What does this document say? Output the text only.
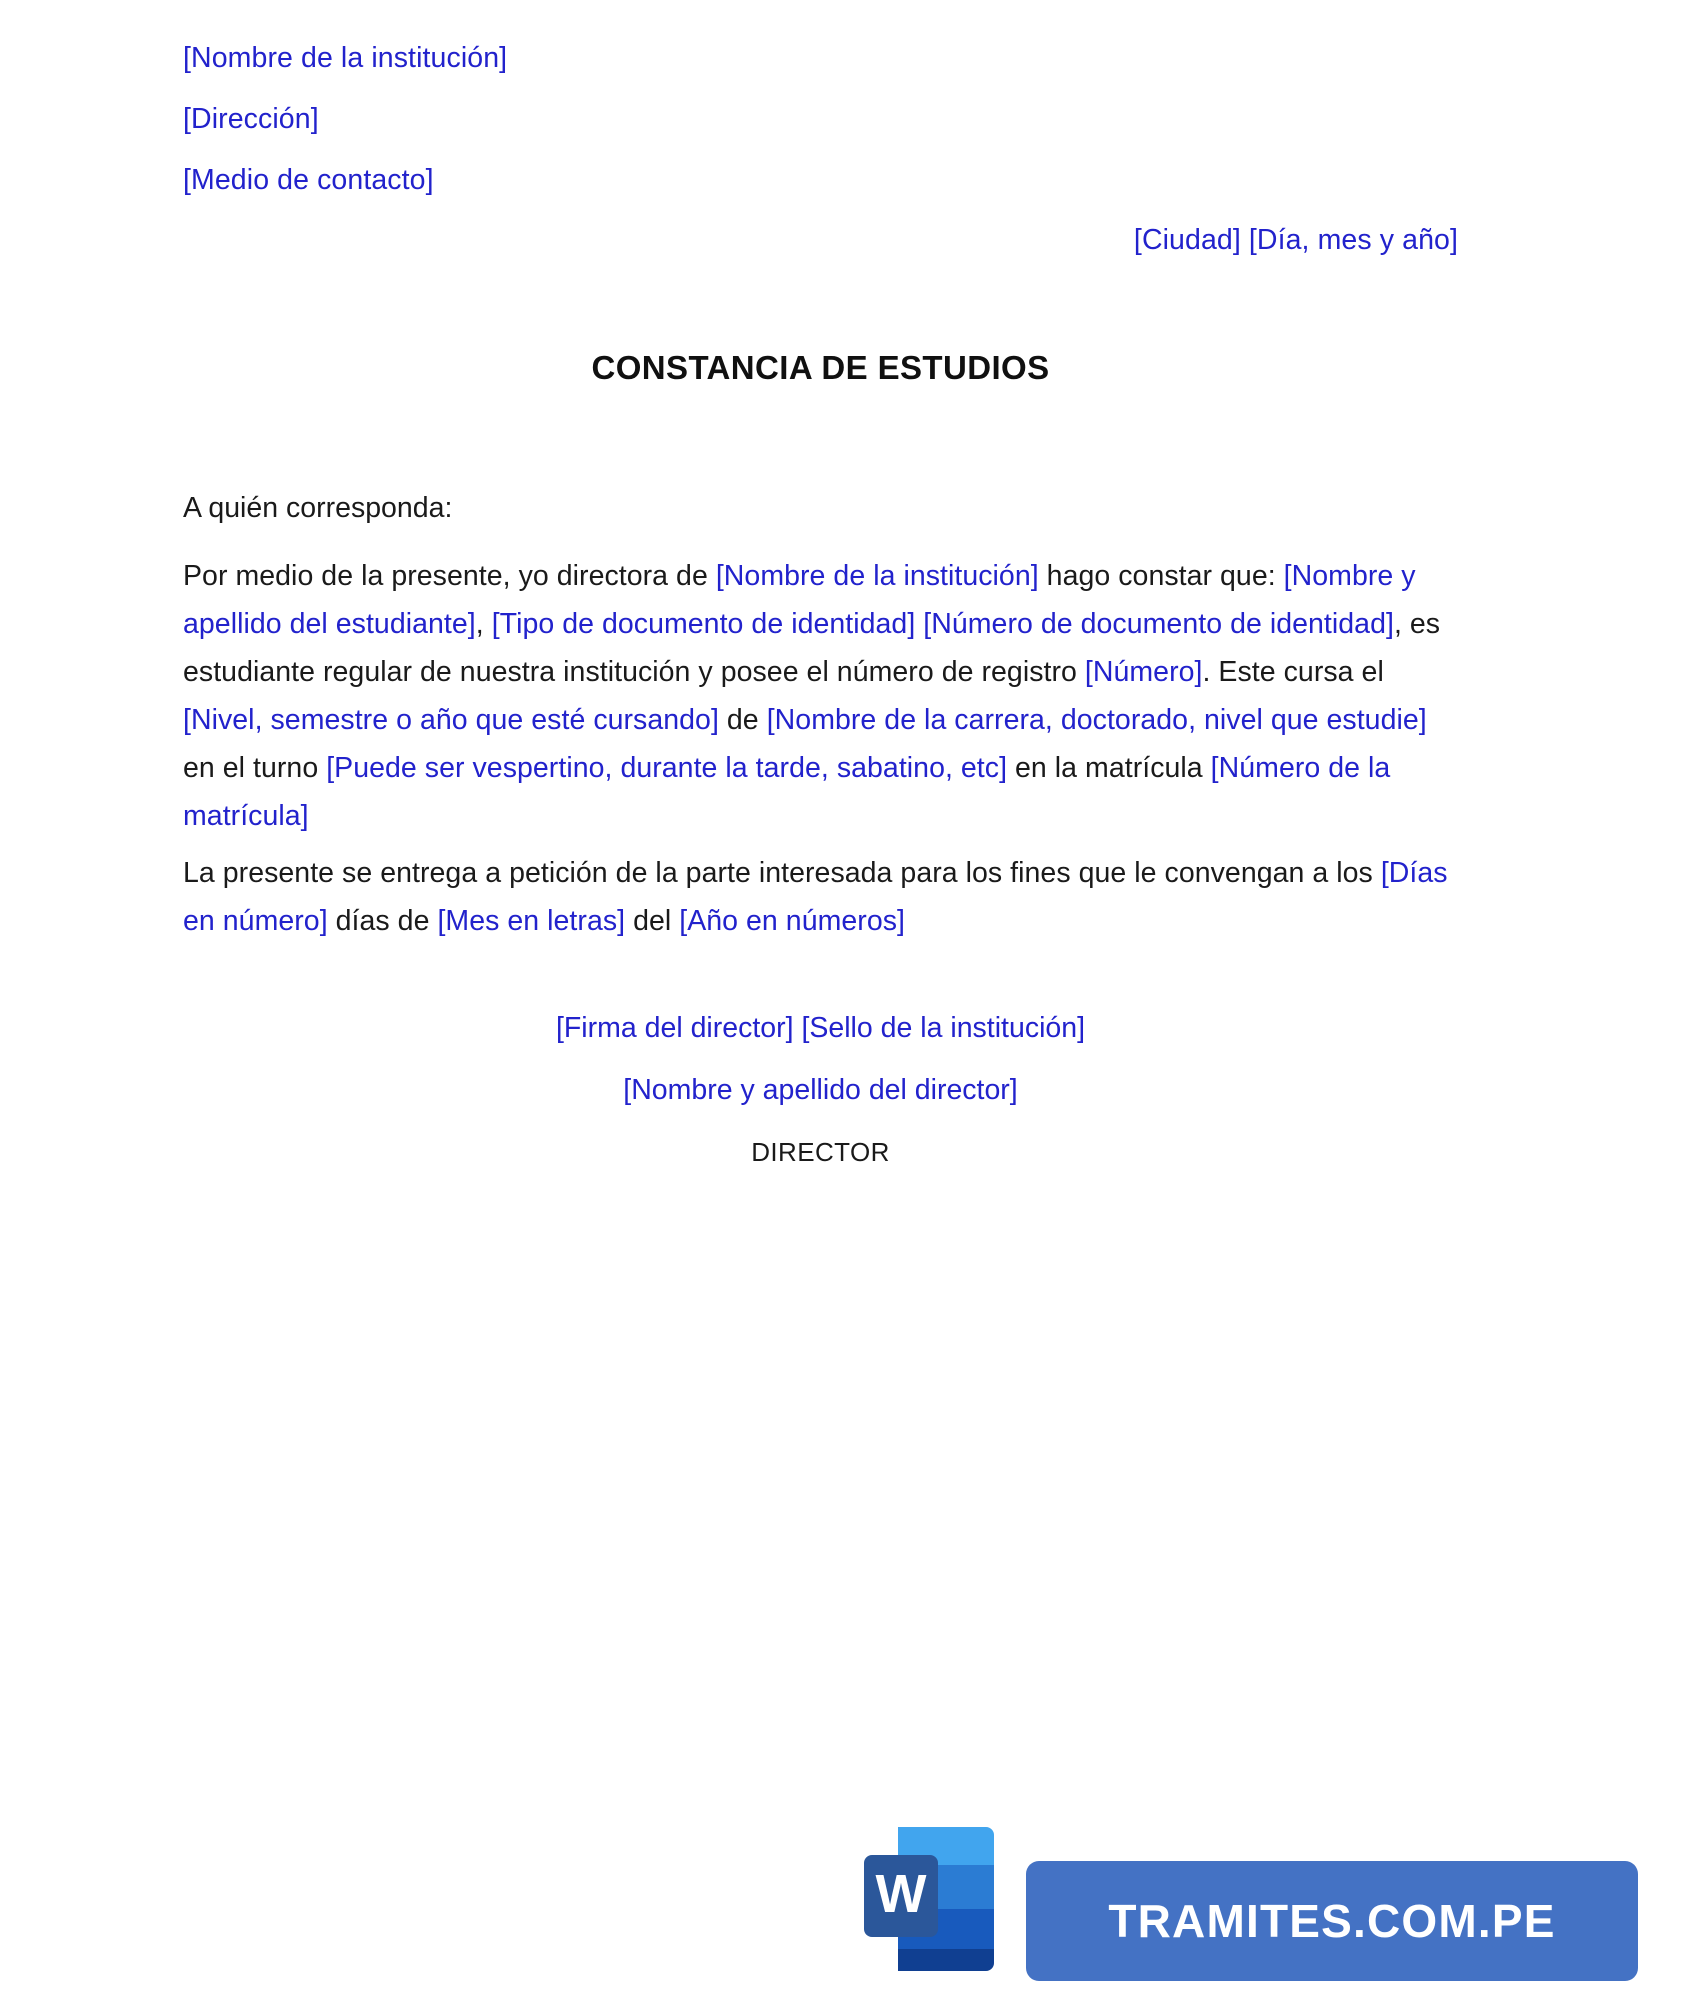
[Nombre de la institución]
[Dirección]
[Medio de contacto]
[Ciudad] [Día, mes y año]
CONSTANCIA DE ESTUDIOS
A quién corresponda:
Por medio de la presente, yo directora de [Nombre de la institución] hago constar que: [Nombre y apellido del estudiante], [Tipo de documento de identidad] [Número de documento de identidad], es estudiante regular de nuestra institución y posee el número de registro [Número]. Este cursa el [Nivel, semestre o año que esté cursando] de [Nombre de la carrera, doctorado, nivel que estudie] en el turno [Puede ser vespertino, durante la tarde, sabatino, etc] en la matrícula [Número de la matrícula]
La presente se entrega a petición de la parte interesada para los fines que le convengan a los [Días en número] días de [Mes en letras] del [Año en números]
[Firma del director] [Sello de la institución]
[Nombre y apellido del director]
DIRECTOR
W	TRAMITES.COM.PE
